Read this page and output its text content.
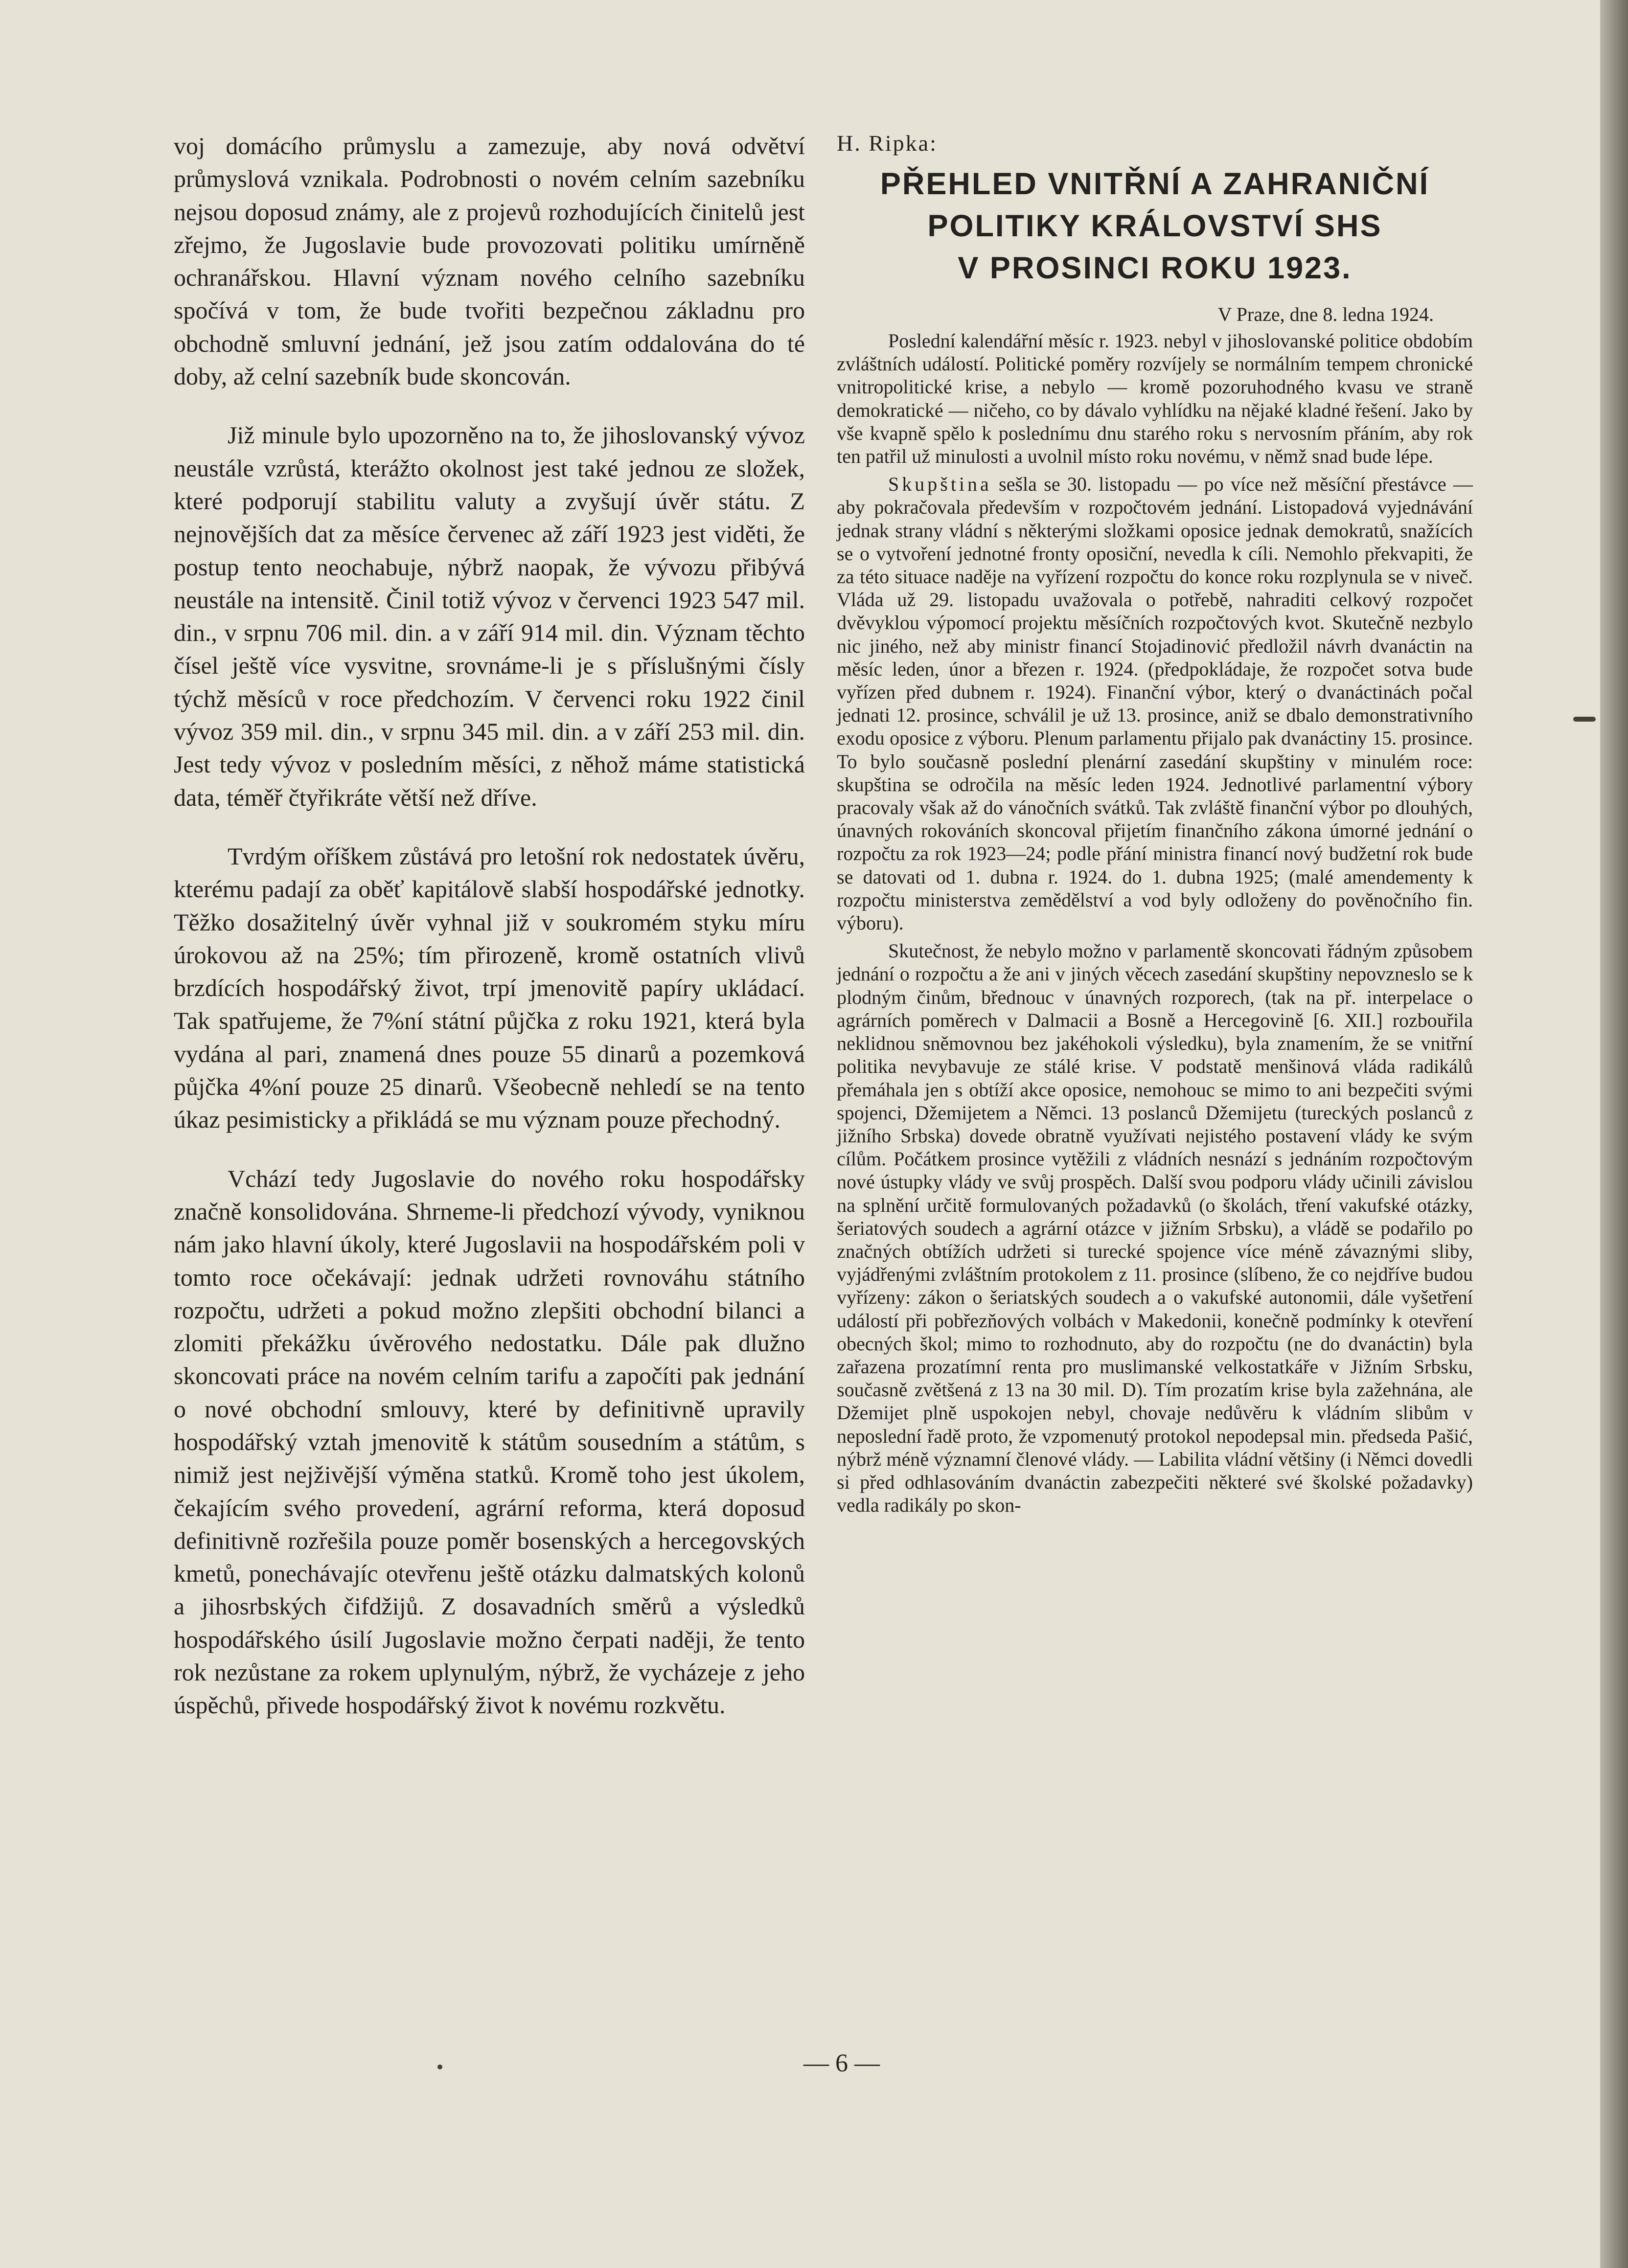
voj domácího průmyslu a zamezuje, aby nová odvětví průmyslová vznikala. Podrobnosti o novém celním sazebníku nejsou doposud známy, ale z projevů rozhodujících činitelů jest zřejmo, že Jugoslavie bude provozovati politiku umírněně ochranářskou. Hlavní význam nového celního sazebníku spočívá v tom, že bude tvořiti bezpečnou základnu pro obchodně smluvní jednání, jež jsou zatím oddalována do té doby, až celní sazebník bude skoncován.

Již minule bylo upozorněno na to, že jihoslovanský vývoz neustále vzrůstá, kterážto okolnost jest také jednou ze složek, které podporují stabilitu valuty a zvyšují úvěr státu. Z nejnovějších dat za měsíce červenec až září 1923 jest viděti, že postup tento neochabuje, nýbrž naopak, že vývozu přibývá neustále na intensitě. Činil totiž vývoz v červenci 1923 547 mil. din., v srpnu 706 mil. din. a v září 914 mil. din. Význam těchto čísel ještě více vysvitne, srovnáme-li je s příslušnými čísly týchž měsíců v roce předchozím. V červenci roku 1922 činil vývoz 359 mil. din., v srpnu 345 mil. din. a v září 253 mil. din. Jest tedy vývoz v posledním měsíci, z něhož máme statistická data, téměř čtyřikráte větší než dříve.

Tvrdým oříškem zůstává pro letošní rok nedostatek úvěru, kterému padají za oběť kapitálově slabší hospodářské jednotky. Těžko dosažitelný úvěr vyhnal již v soukromém styku míru úrokovou až na 25%; tím přirozeně, kromě ostatních vlivů brzdících hospodářský život, trpí jmenovitě papíry ukládací. Tak spatřujeme, že 7%ní státní půjčka z roku 1921, která byla vydána al pari, znamená dnes pouze 55 dinarů a pozemková půjčka 4%ní pouze 25 dinarů. Všeobecně nehledí se na tento úkaz pesimisticky a přikládá se mu význam pouze přechodný.

Vchází tedy Jugoslavie do nového roku hospodářsky značně konsolidována. Shrneme-li předchozí vývody, vyniknou nám jako hlavní úkoly, které Jugoslavii na hospodářském poli v tomto roce očekávají: jednak udržeti rovnováhu státního rozpočtu, udržeti a pokud možno zlepšiti obchodní bilanci a zlomiti překážku úvěrového nedostatku. Dále pak dlužno skoncovati práce na novém celním tarifu a započíti pak jednání o nové obchodní smlouvy, které by definitivně upravily hospodářský vztah jmenovitě k státům sousedním a státům, s nimiž jest nejživější výměna statků. Kromě toho jest úkolem, čekajícím svého provedení, agrární reforma, která doposud definitivně rozřešila pouze poměr bosenských a hercegovských kmetů, ponechávajíc otevřenu ještě otázku dalmatských kolonů a jihosrbských čifdžijů. Z dosavadních směrů a výsledků hospodářského úsilí Jugoslavie možno čerpati naději, že tento rok nezůstane za rokem uplynulým, nýbrž, že vycházeje z jeho úspěchů, přivede hospodářský život k novému rozkvětu.

H. Ripka:

PŘEHLED VNITŘNÍ A ZAHRANIČNÍ
POLITIKY KRÁLOVSTVÍ SHS
V PROSINCI ROKU 1923.

V Praze, dne 8. ledna 1924.

Poslední kalendářní měsíc r. 1923. nebyl v jihoslovanské politice obdobím zvláštních událostí. Politické poměry rozvíjely se normálním tempem chronické vnitropolitické krise, a nebylo — kromě pozoruhodného kvasu ve straně demokratické — ničeho, co by dávalo vyhlídku na nějaké kladné řešení. Jako by vše kvapně spělo k poslednímu dnu starého roku s nervosním přáním, aby rok ten patřil už minulosti a uvolnil místo roku novému, v němž snad bude lépe.

Skupština sešla se 30. listopadu — po více než měsíční přestávce — aby pokračovala především v rozpočtovém jednání. Listopadová vyjednávání jednak strany vládní s některými složkami oposice jednak demokratů, snažících se o vytvoření jednotné fronty oposiční, nevedla k cíli. Nemohlo překvapiti, že za této situace naděje na vyřízení rozpočtu do konce roku rozplynula se v niveč. Vláda už 29. listopadu uvažovala o potřebě, nahraditi celkový rozpočet dvěvyklou výpomocí projektu měsíčních rozpočtových kvot. Skutečně nezbylo nic jiného, než aby ministr financí Stojadinović předložil návrh dvanáctin na měsíc leden, únor a březen r. 1924. (předpokládaje, že rozpočet sotva bude vyřízen před dubnem r. 1924). Finanční výbor, který o dvanáctinách počal jednati 12. prosince, schválil je už 13. prosince, aniž se dbalo demonstrativního exodu oposice z výboru. Plenum parlamentu přijalo pak dvanáctiny 15. prosince. To bylo současně poslední plenární zasedání skupštiny v minulém roce: skupština se odročila na měsíc leden 1924. Jednotlivé parlamentní výbory pracovaly však až do vánočních svátků. Tak zvláště finanční výbor po dlouhých, únavných rokováních skoncoval přijetím finančního zákona úmorné jednání o rozpočtu za rok 1923—24; podle přání ministra financí nový budžetní rok bude se datovati od 1. dubna r. 1924. do 1. dubna 1925; (malé amendementy k rozpočtu ministerstva zemědělství a vod byly odloženy do pověnočního fin. výboru).

Skutečnost, že nebylo možno v parlamentě skoncovati řádným způsobem jednání o rozpočtu a že ani v jiných věcech zasedání skupštiny nepovzneslo se k plodným činům, břednouc v únavných rozporech, (tak na př. interpelace o agrárních poměrech v Dalmacii a Bosně a Hercegovině [6. XII.] rozbouřila neklidnou sněmovnou bez jakéhokoli výsledku), byla znamením, že se vnitřní politika nevybavuje ze stálé krise. V podstatě menšinová vláda radikálů přemáhala jen s obtíží akce oposice, nemohouc se mimo to ani bezpečiti svými spojenci, Džemijetem a Němci. 13 poslanců Džemijetu (tureckých poslanců z jižního Srbska) dovede obratně využívati nejistého postavení vlády ke svým cílům. Počátkem prosince vytěžili z vládních nesnází s jednáním rozpočtovým nové ústupky vlády ve svůj prospěch. Další svou podporu vlády učinili závislou na splnění určitě formulovaných požadavků (o školách, tření vakufské otázky, šeriatových soudech a agrární otázce v jižním Srbsku), a vládě se podařilo po značných obtížích udržeti si turecké spojence více méně závaznými sliby, vyjádřenými zvláštním protokolem z 11. prosince (slíbeno, že co nejdříve budou vyřízeny: zákon o šeriatských soudech a o vakufské autonomii, dále vyšetření událostí při pobřezňových volbách v Makedonii, konečně podmínky k otevření obecných škol; mimo to rozhodnuto, aby do rozpočtu (ne do dvanáctin) byla zařazena prozatímní renta pro muslimanské velkostatkáře v Jižním Srbsku, současně zvětšená z 13 na 30 mil. D). Tím prozatím krise byla zažehnána, ale Džemijet plně uspokojen nebyl, chovaje nedůvěru k vládním slibům v neposlední řadě proto, že vzpomenutý protokol nepodepsal min. předseda Pašić, nýbrž méně významní členové vlády. — Labilita vládní většiny (i Němci dovedli si před odhlasováním dvanáctin zabezpečiti některé své školské požadavky) vedla radikály po skon-

— 6 —
